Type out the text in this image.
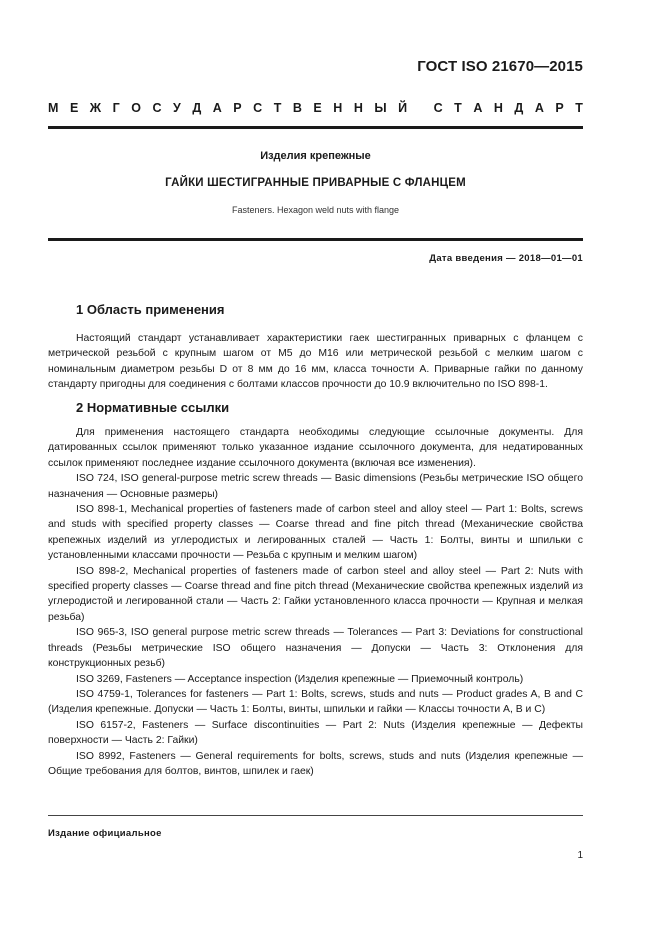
ГОСТ ISO 21670—2015
М Е Ж Г О С У Д А Р С Т В Е Н Н Ы Й
С Т А Н Д А Р Т
Изделия крепежные
ГАЙКИ ШЕСТИГРАННЫЕ ПРИВАРНЫЕ С ФЛАНЦЕМ
Fasteners. Hexagon weld nuts with flange
Дата введения — 2018—01—01
1 Область применения

Настоящий стандарт устанавливает характеристики гаек шестигранных приварных с фланцем с метрической резьбой с крупным шагом от М5 до М16 или метрической резьбой с мелким шагом с номинальным диаметром резьбы D от 8 мм до 16 мм, класса точности А. Приварные гайки по данному стандарту пригодны для соединения с болтами классов прочности до 10.9 включительно по ISO 898-1.

2 Нормативные ссылки

Для применения настоящего стандарта необходимы следующие ссылочные документы. Для датированных ссылок применяют только указанное издание ссылочного документа, для недатированных ссылок применяют последнее издание ссылочного документа (включая все изменения).

ISO 724, ISO general-purpose metric screw threads — Basic dimensions (Резьбы метрические ISO общего назначения — Основные размеры)

ISO 898-1, Mechanical properties of fasteners made of carbon steel and alloy steel — Part 1: Bolts, screws and studs with specified property classes — Coarse thread and fine pitch thread (Механические свойства крепежных изделий из углеродистых и легированных сталей — Часть 1: Болты, винты и шпильки с установленными классами прочности — Резьба с крупным и мелким шагом)

ISO 898-2, Mechanical properties of fasteners made of carbon steel and alloy steel — Part 2: Nuts with specified property classes — Coarse thread and fine pitch thread (Механические свойства крепежных изделий из углеродистой и легированной стали — Часть 2: Гайки установленного класса прочности — Крупная и мелкая резьба)

ISO 965-3, ISO general purpose metric screw threads — Tolerances — Part 3: Deviations for constructional threads (Резьбы метрические ISO общего назначения — Допуски — Часть 3: Отклонения для конструкционных резьб)

ISO 3269, Fasteners — Acceptance inspection (Изделия крепежные — Приемочный контроль)

ISO 4759-1, Tolerances for fasteners — Part 1: Bolts, screws, studs and nuts — Product grades A, B and C (Изделия крепежные. Допуски — Часть 1: Болты, винты, шпильки и гайки — Классы точности А, В и С)

ISO 6157-2, Fasteners — Surface discontinuities — Part 2: Nuts (Изделия крепежные — Дефекты поверхности — Часть 2: Гайки)

ISO 8992, Fasteners — General requirements for bolts, screws, studs and nuts (Изделия крепежные — Общие требования для болтов, винтов, шпилек и гаек)

Издание официальное
1
